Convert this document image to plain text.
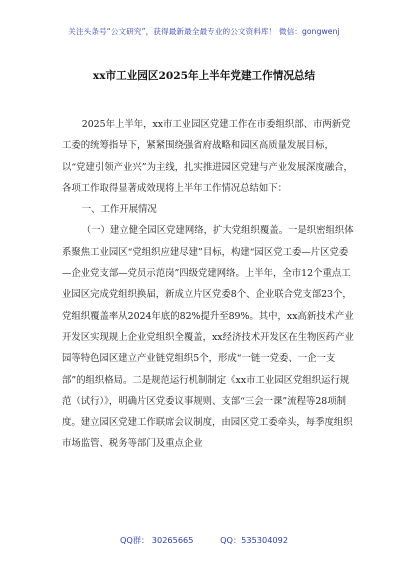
关注头条号“公文研究”，获得最新最全最专业的公文资料库！ 微信：gongwenj
xx市工业园区2025年上半年党建工作情况总结

2025年上半年，xx市工业园区党建工作在市委组织部、市两新党工委的统筹指导下，紧紧围绕强省府战略和园区高质量发展目标，以“党建引领产业兴”为主线，扎实推进园区党建与产业发展深度融合，各项工作取得显著成效现将上半年工作情况总结如下：

一、工作开展情况

（一）建立健全园区党建网络，扩大党组织覆盖。一是织密组织体系聚焦工业园区“党组织应建尽建”目标，构建“园区党工委—片区党委—企业党支部—党员示范岗”四级党建网络。上半年，全市12个重点工业园区完成党组织换届，新成立片区党委8个、企业联合党支部23个，党组织覆盖率从2024年底的82%提升至89%。其中，xx高新技术产业开发区实现规上企业党组织全覆盖，xx经济技术开发区在生物医药产业园等特色园区建立产业链党组织5个，形成“一链一党委、一企一支部”的组织格局。二是规范运行机制制定《xx市工业园区党组织运行规范（试行）》，明确片区党委议事规则、支部“三会一课”流程等28项制度。建立园区党建工作联席会议制度，由园区党工委牵头，每季度组织市场监管、税务等部门及重点企业

QQ群： 30265665	QQ：535304092
